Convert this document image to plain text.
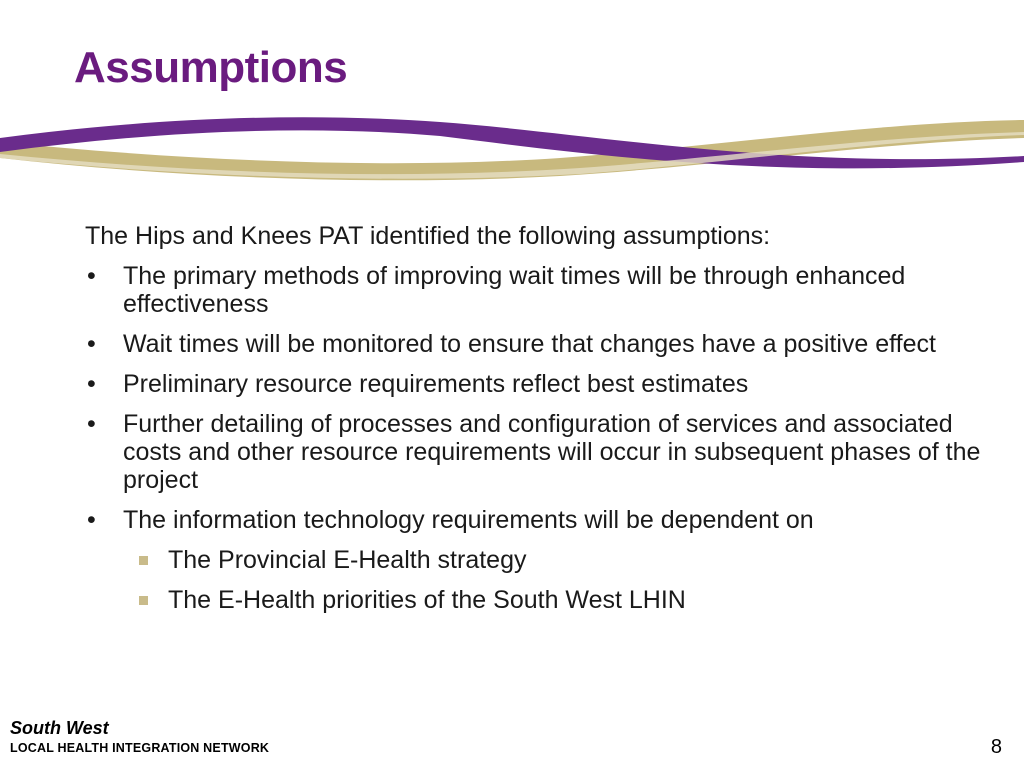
Assumptions

The Hips and Knees PAT identified the following assumptions:

• The primary methods of improving wait times will be through enhanced effectiveness
• Wait times will be monitored to ensure that changes have a positive effect
• Preliminary resource requirements reflect best estimates
• Further detailing of processes and configuration of services and associated costs and other resource requirements will occur in subsequent phases of the project
• The information technology requirements will be dependent on
The Provincial E-Health strategy
The E-Health priorities of the South West LHIN
South West
LOCAL HEALTH INTEGRATION NETWORK	8
